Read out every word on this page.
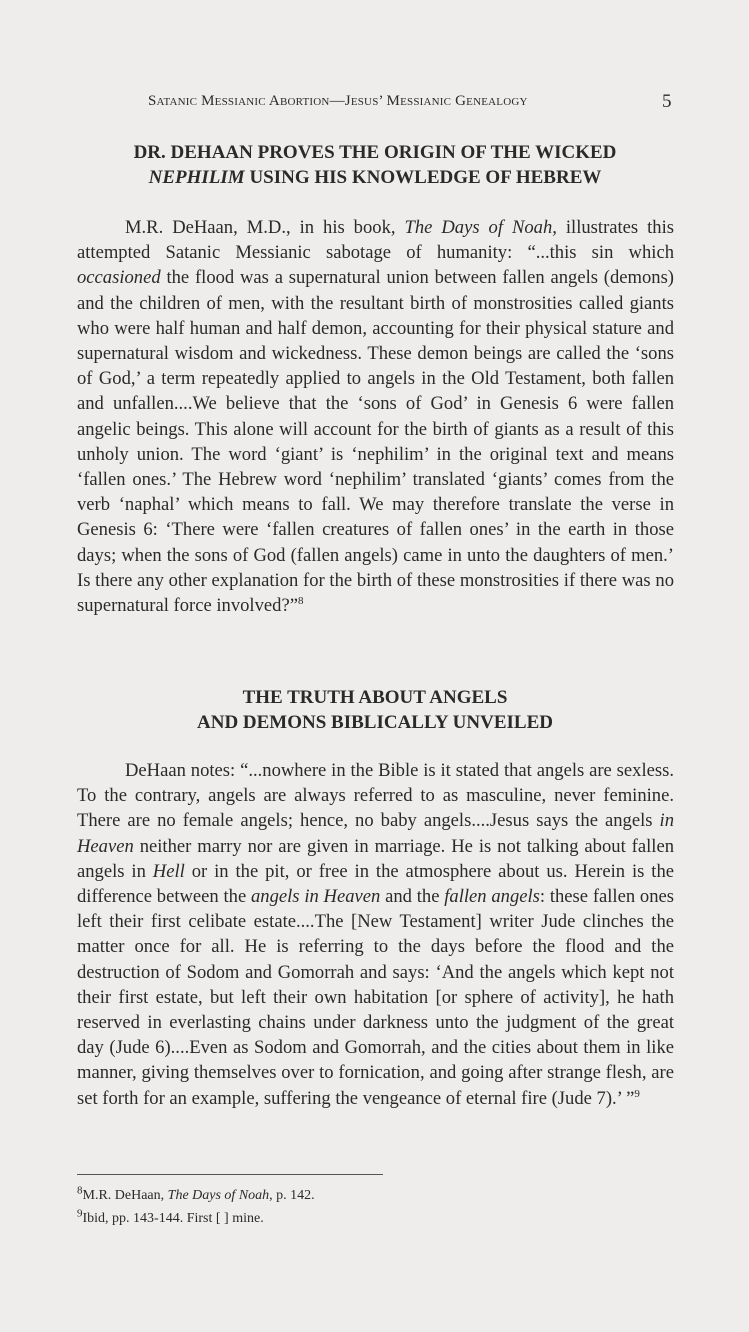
Satanic Messianic Abortion—Jesus’ Messianic Genealogy	5
DR. DEHAAN PROVES THE ORIGIN OF THE WICKED
NEPHILIM USING HIS KNOWLEDGE OF HEBREW

M.R. DeHaan, M.D., in his book, The Days of Noah, illustrates this attempted Satanic Messianic sabotage of humanity: “...this sin which occasioned the flood was a supernatural union between fallen angels (demons) and the children of men, with the resultant birth of monstrosities called giants who were half human and half demon, accounting for their physical stature and supernatural wisdom and wickedness. These demon beings are called the ‘sons of God,’ a term repeatedly applied to angels in the Old Testament, both fallen and unfallen....We believe that the ‘sons of God’ in Genesis 6 were fallen angelic beings. This alone will account for the birth of giants as a result of this unholy union. The word ‘giant’ is ‘nephilim’ in the original text and means ‘fallen ones.’ The Hebrew word ‘nephilim’ translated ‘giants’ comes from the verb ‘naphal’ which means to fall. We may therefore translate the verse in Genesis 6: ‘There were ‘fallen creatures of fallen ones’ in the earth in those days; when the sons of God (fallen angels) came in unto the daughters of men.’ Is there any other explanation for the birth of these monstrosities if there was no supernatural force involved?”$^8$

THE TRUTH ABOUT ANGELS
AND DEMONS BIBLICALLY UNVEILED

DeHaan notes: “...nowhere in the Bible is it stated that angels are sexless. To the contrary, angels are always referred to as masculine, never feminine. There are no female angels; hence, no baby angels....Jesus says the angels in Heaven neither marry nor are given in marriage. He is not talking about fallen angels in Hell or in the pit, or free in the atmosphere about us. Herein is the difference between the angels in Heaven and the fallen angels: these fallen ones left their first celibate estate....The [New Testament] writer Jude clinches the matter once for all. He is referring to the days before the flood and the destruction of Sodom and Gomorrah and says: ‘And the angels which kept not their first estate, but left their own habitation [or sphere of activity], he hath reserved in everlasting chains under darkness unto the judgment of the great day (Jude 6)....Even as Sodom and Gomorrah, and the cities about them in like manner, giving themselves over to fornication, and going after strange flesh, are set forth for an example, suffering the vengeance of eternal fire (Jude 7).’ ”$^9$

$^8$M.R. DeHaan, The Days of Noah, p. 142.
$^9$Ibid, pp. 143-144. First [ ] mine.
